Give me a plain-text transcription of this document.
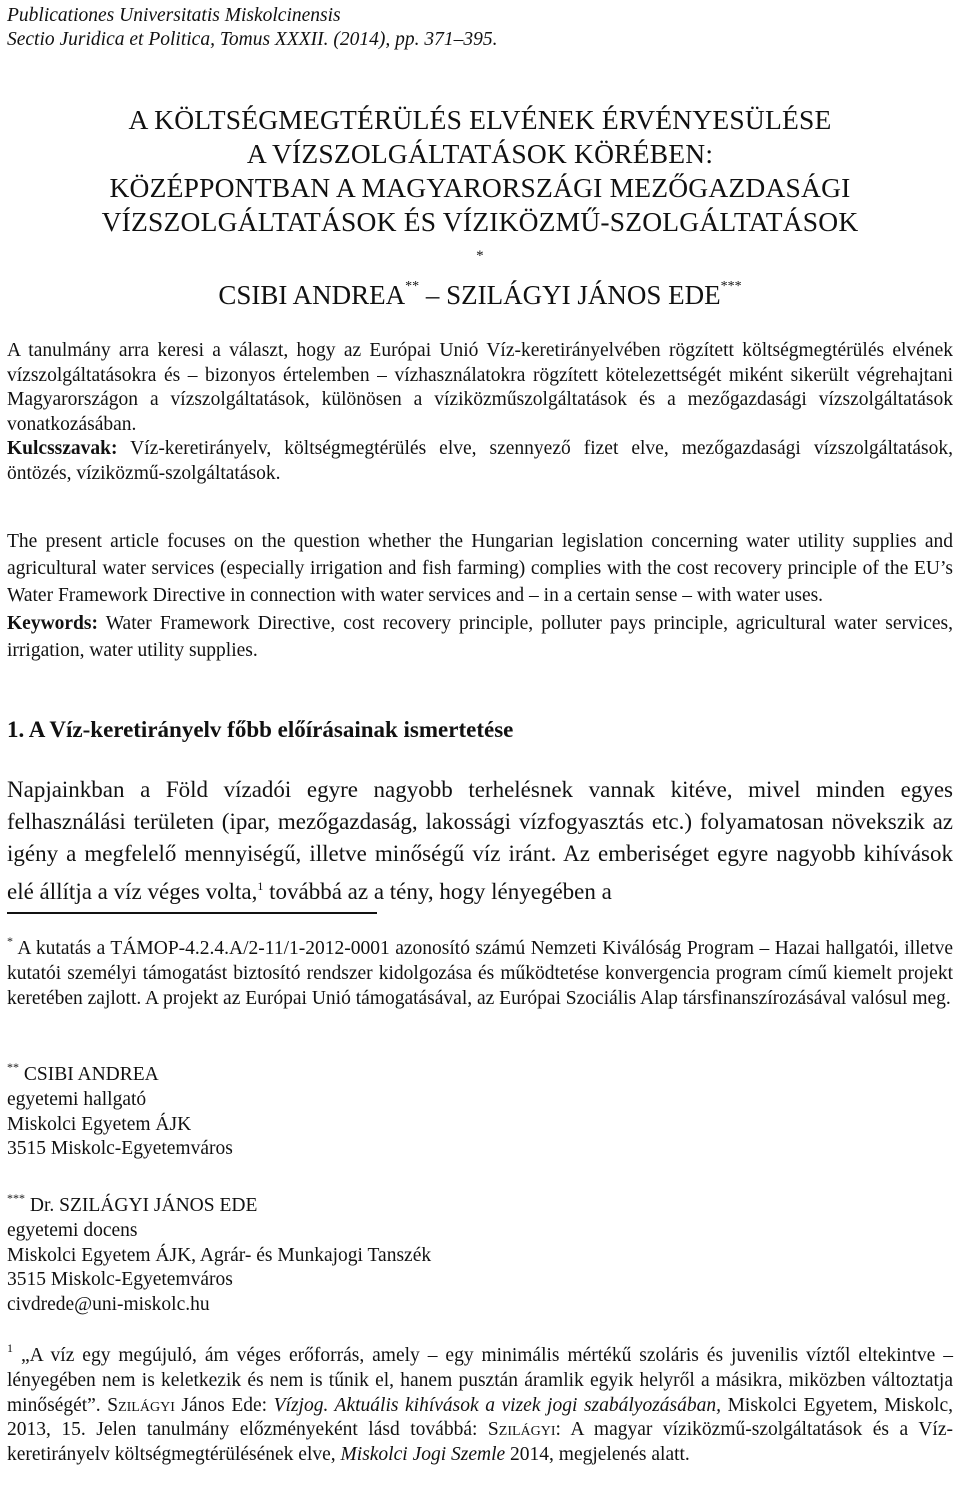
Publicationes Universitatis Miskolcinensis
Sectio Juridica et Politica, Tomus XXXII. (2014), pp. 371–395.
A KÖLTSÉGMEGTÉRÜLÉS ELVÉNEK ÉRVÉNYESÜLÉSE
A VÍZSZOLGÁLTATÁSOK KÖRÉBEN:
KÖZÉPPONTBAN A MAGYARORSZÁGI MEZŐGAZDASÁGI
VÍZSZOLGÁLTATÁSOK ÉS VÍZIKÖZMŰ-SZOLGÁLTATÁSOK
*
CSIBI ANDREA** – SZILÁGYI JÁNOS EDE***

A tanulmány arra keresi a választ, hogy az Európai Unió Víz-keretirányelvében rögzített költségmegtérülés elvének vízszolgáltatásokra és – bizonyos értelemben – vízhasználatokra rögzített kötelezettségét miként sikerült végrehajtani Magyarországon a vízszolgáltatások, különösen a víziközműszolgáltatások és a mezőgazdasági vízszolgáltatások vonatkozásában.

Kulcsszavak: Víz-keretirányelv, költségmegtérülés elve, szennyező fizet elve, mezőgazdasági vízszolgáltatások, öntözés, víziközmű-szolgáltatások.

The present article focuses on the question whether the Hungarian legislation concerning water utility supplies and agricultural water services (especially irrigation and fish farming) complies with the cost recovery principle of the EU’s Water Framework Directive in connection with water services and – in a certain sense – with water uses.

Keywords: Water Framework Directive, cost recovery principle, polluter pays principle, agricultural water services, irrigation, water utility supplies.

1. A Víz-keretirányelv főbb előírásainak ismertetése

Napjainkban a Föld vízadói egyre nagyobb terhelésnek vannak kitéve, mivel minden egyes felhasználási területen (ipar, mezőgazdaság, lakossági vízfogyasztás etc.) folyamatosan növekszik az igény a megfelelő mennyiségű, illetve minőségű víz iránt. Az emberiséget egyre nagyobb kihívások elé állítja a víz véges volta,$^1$ továbbá az a tény, hogy lényegében a

* A kutatás a TÁMOP-4.2.4.A/2-11/1-2012-0001 azonosító számú Nemzeti Kiválóság Program – Hazai hallgatói, illetve kutatói személyi támogatást biztosító rendszer kidolgozása és működtetése konvergencia program című kiemelt projekt keretében zajlott. A projekt az Európai Unió támogatásával, az Európai Szociális Alap társfinanszírozásával valósul meg.

** CSIBI ANDREA
egyetemi hallgató
Miskolci Egyetem ÁJK
3515 Miskolc-Egyetemváros
*** Dr. SZILÁGYI JÁNOS EDE
egyetemi docens
Miskolci Egyetem ÁJK, Agrár- és Munkajogi Tanszék
3515 Miskolc-Egyetemváros
civdrede@uni-miskolc.hu

$^1$ „A víz egy megújuló, ám véges erőforrás, amely – egy minimális mértékű szoláris és juvenilis víztől eltekintve – lényegében nem is keletkezik és nem is tűnik el, hanem pusztán áramlik egyik helyről a másikra, miközben változtatja minőségét”. Szilágyi János Ede: Vízjog. Aktuális kihívások a vizek jogi szabályozásában, Miskolci Egyetem, Miskolc, 2013, 15. Jelen tanulmány előzményeként lásd továbbá: Szilágyi: A magyar víziközmű-szolgáltatások és a Víz-keretirányelv költségmegtérülésének elve, Miskolci Jogi Szemle 2014, megjelenés alatt.
